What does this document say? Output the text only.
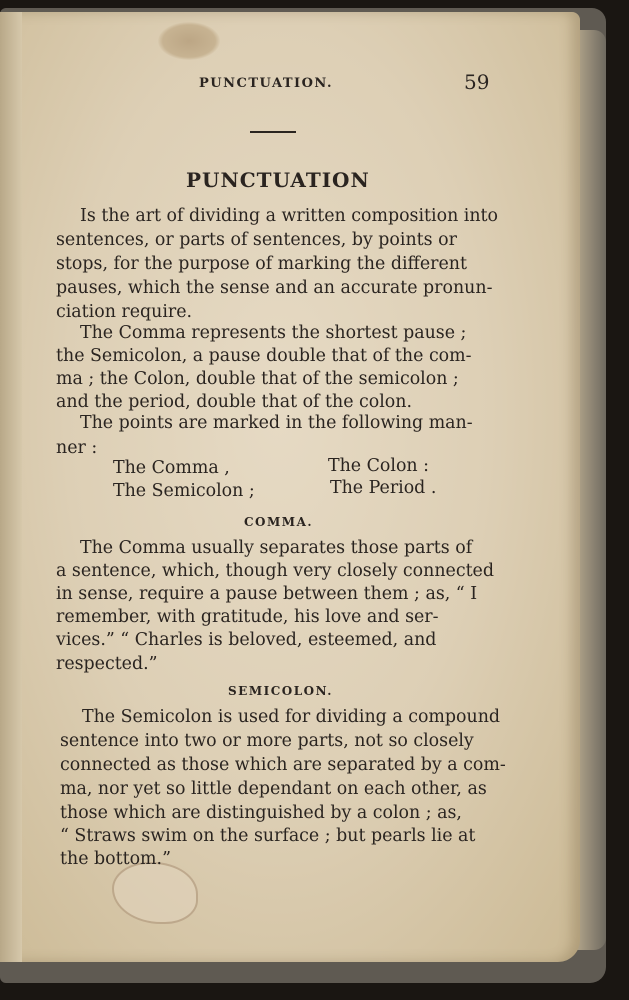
PUNCTUATION.	59
PUNCTUATION
Is the art of dividing a written composition into
sentences, or parts of sentences, by points or
stops, for the purpose of marking the different
pauses, which the sense and an accurate pronun-
ciation require.
The Comma represents the shortest pause ;
the Semicolon, a pause double that of the com-
ma ; the Colon, double that of the semicolon ;
and the period, double that of the colon.
The points are marked in the following man-
ner :
The Comma ,	The Colon :
The Semicolon ;	The Period .
COMMA.
The Comma usually separates those parts of
a sentence, which, though very closely connected
in sense, require a pause between them ; as, “ I
remember, with gratitude, his love and ser-
vices.” “ Charles is beloved, esteemed, and
respected.”
SEMICOLON.
The Semicolon is used for dividing a compound
sentence into two or more parts, not so closely
connected as those which are separated by a com-
ma, nor yet so little dependant on each other, as
those which are distinguished by a colon ; as,
“ Straws swim on the surface ; but pearls lie at
the bottom.”
